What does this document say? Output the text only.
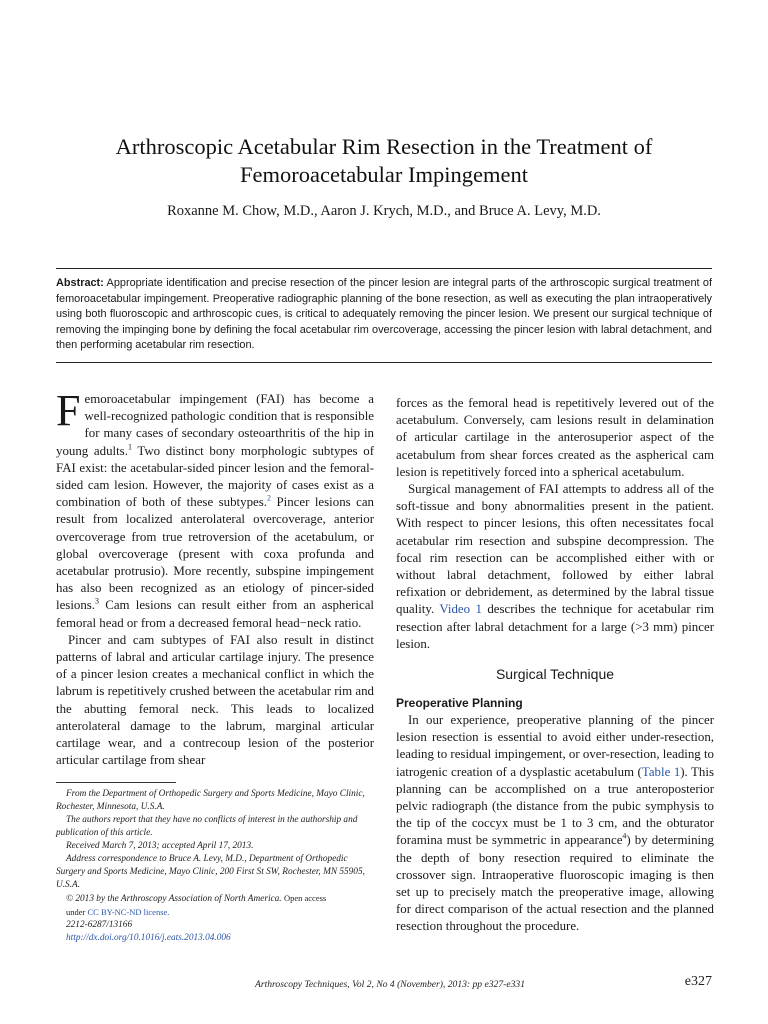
Arthroscopic Acetabular Rim Resection in the Treatment of
Femoroacetabular Impingement
Roxanne M. Chow, M.D., Aaron J. Krych, M.D., and Bruce A. Levy, M.D.
Abstract: Appropriate identification and precise resection of the pincer lesion are integral parts of the arthroscopic surgical treatment of femoroacetabular impingement. Preoperative radiographic planning of the bone resection, as well as executing the plan intraoperatively using both fluoroscopic and arthroscopic cues, is critical to adequately removing the pincer lesion. We present our surgical technique of removing the impinging bone by defining the focal acetabular rim overcoverage, accessing the pincer lesion with labral detachment, and then performing acetabular rim resection.

Femoroacetabular impingement (FAI) has become a well-recognized pathologic condition that is responsible for many cases of secondary osteoarthritis of the hip in young adults.$^1$ Two distinct bony morphologic subtypes of FAI exist: the acetabular-sided pincer lesion and the femoral-sided cam lesion. However, the majority of cases exist as a combination of both of these subtypes.$^2$ Pincer lesions can result from localized anterolateral overcoverage, anterior overcoverage from true retroversion of the acetabulum, or global overcoverage (present with coxa profunda and acetabular protrusio). More recently, subspine impingement has also been recognized as an etiology of pincer-sided lesions.$^3$ Cam lesions can result either from an aspherical femoral head or from a decreased femoral head−neck ratio.

Pincer and cam subtypes of FAI also result in distinct patterns of labral and articular cartilage injury. The presence of a pincer lesion creates a mechanical conflict in which the labrum is repetitively crushed between the acetabular rim and the abutting femoral neck. This leads to localized anterolateral damage to the labrum, marginal articular cartilage wear, and a contrecoup lesion of the posterior articular cartilage from shear

forces as the femoral head is repetitively levered out of the acetabulum. Conversely, cam lesions result in delamination of articular cartilage in the anterosuperior aspect of the acetabulum from shear forces created as the aspherical cam lesion is repetitively forced into a spherical acetabulum.

Surgical management of FAI attempts to address all of the soft-tissue and bony abnormalities present in the patient. With respect to pincer lesions, this often necessitates focal acetabular rim resection and subspine decompression. The focal rim resection can be accomplished either with or without labral detachment, followed by either labral refixation or debridement, as determined by the labral tissue quality. Video 1 describes the technique for acetabular rim resection after labral detachment for a large (>3 mm) pincer lesion.

Surgical Technique
Preoperative Planning

In our experience, preoperative planning of the pincer lesion resection is essential to avoid either under-resection, leading to residual impingement, or over-resection, leading to iatrogenic creation of a dysplastic acetabulum (Table 1). This planning can be accomplished on a true anteroposterior pelvic radiograph (the distance from the pubic symphysis to the tip of the coccyx must be 1 to 3 cm, and the obturator foramina must be symmetric in appearance$^4$) by determining the depth of bony resection required to eliminate the crossover sign. Intraoperative fluoroscopic imaging is then set up to precisely match the preoperative image, allowing for direct comparison of the actual resection and the planned resection throughout the procedure.

From the Department of Orthopedic Surgery and Sports Medicine, Mayo Clinic, Rochester, Minnesota, U.S.A.

The authors report that they have no conflicts of interest in the authorship and publication of this article.

Received March 7, 2013; accepted April 17, 2013.

Address correspondence to Bruce A. Levy, M.D., Department of Orthopedic Surgery and Sports Medicine, Mayo Clinic, 200 First St SW, Rochester, MN 55905, U.S.A.

© 2013 by the Arthroscopy Association of North America. Open access

under CC BY-NC-ND license.

2212-6287/13166

http://dx.doi.org/10.1016/j.eats.2013.04.006

Arthroscopy Techniques, Vol 2, No 4 (November), 2013: pp e327-e331	e327
